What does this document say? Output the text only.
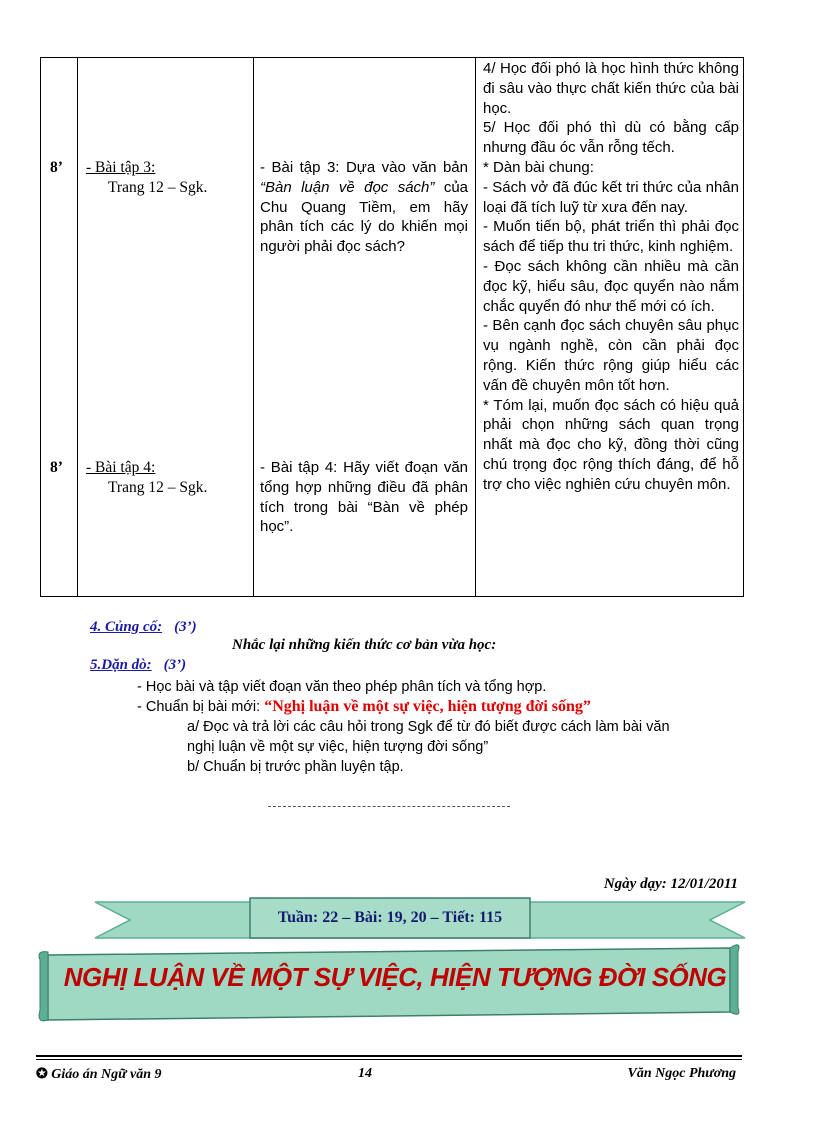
8’ - Bài tập 3:
Trang 12 – Sgk.
- Bài tập 3: Dựa vào văn bản “Bàn luận về đọc sách” của Chu Quang Tiềm, em hãy phân tích các lý do khiến mọi người phải đọc sách?
8’ - Bài tập 4:
Trang 12 – Sgk.
- Bài tập 4: Hãy viết đoạn văn tổng hợp những điều đã phân tích trong bài “Bàn về phép học”.
4/ Học đối phó là học hình thức không đi sâu vào thực chất kiến thức của bài học.
5/ Học đối phó thì dù có bằng cấp nhưng đầu óc vẫn rỗng tếch.
* Dàn bài chung:
- Sách vở đã đúc kết tri thức của nhân loại đã tích luỹ từ xưa đến nay.
- Muốn tiến bộ, phát triển thì phải đọc sách để tiếp thu tri thức, kinh nghiệm.
- Đọc sách không cần nhiều mà cần đọc kỹ, hiểu sâu, đọc quyển nào nắm chắc quyển đó như thế mới có ích.
- Bên cạnh đọc sách chuyên sâu phục vụ ngành nghề, còn cần phải đọc rộng. Kiến thức rộng giúp hiểu các vấn đề chuyên môn tốt hơn.
* Tóm lại, muốn đọc sách có hiệu quả phải chọn những sách quan trọng nhất mà đọc cho kỹ, đồng thời cũng chú trọng đọc rộng thích đáng, để hỗ trợ cho việc nghiên cứu chuyên môn.
4. Củng cố: (3’)
Nhắc lại những kiến thức cơ bản vừa học:
5.Dặn dò: (3’)
- Học bài và tập viết đoạn văn theo phép phân tích và tổng hợp.
- Chuẩn bị bài mới: “Nghị luận về một sự việc, hiện tượng đời sống”
a/ Đọc và trả lời các câu hỏi trong Sgk để từ đó biết được cách làm bài văn
nghị luận về một sự việc, hiện tượng đời sống”
b/ Chuẩn bị trước phần luyện tập.
Ngày dạy: 12/01/2011
Tuần: 22 – Bài: 19, 20 – Tiết: 115
NGHỊ LUẬN VỀ MỘT SỰ VIỆC, HIỆN TƯỢNG ĐỜI SỐNG
✪ Giáo án Ngữ văn 9	14	Văn Ngọc Phương
